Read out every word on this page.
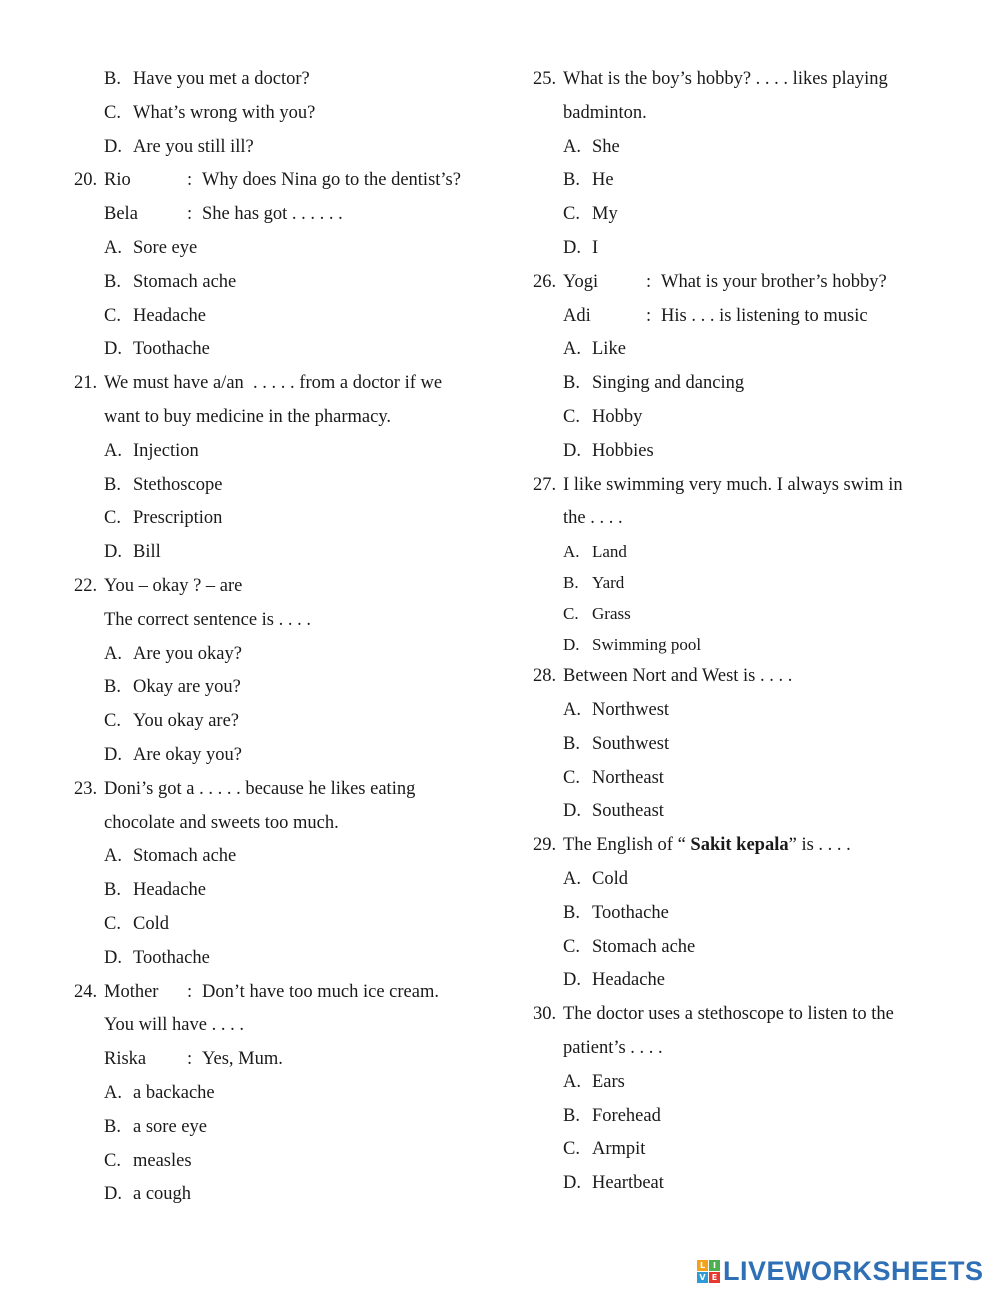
B. Have you met a doctor?
C. What’s wrong with you?
D. Are you still ill?
20. Rio	: Why does Nina go to the dentist’s?
Bela	: She has got . . . . . .
A. Sore eye
B. Stomach ache
C. Headache
D. Toothache
21. We must have a/an  . . . . . from a doctor if we
want to buy medicine in the pharmacy.
A. Injection
B. Stethoscope
C. Prescription
D. Bill
22. You – okay ? – are
The correct sentence is . . . .
A. Are you okay?
B. Okay are you?
C. You okay are?
D. Are okay you?
23. Doni’s got a . . . . . because he likes eating
chocolate and sweets too much.
A. Stomach ache
B. Headache
C. Cold
D. Toothache
24. Mother : Don’t have too much ice cream.
You will have . . . .
Riska : Yes, Mum.
A. a backache
B. a sore eye
C. measles
D. a cough
25. What is the boy’s hobby? . . . . likes playing
badminton.
A. She
B. He
C. My
D. I
26. Yogi	: What is your brother’s hobby?
Adi	: His . . . is listening to music
A. Like
B. Singing and dancing
C. Hobby
D. Hobbies
27. I like swimming very much. I always swim in
the . . . .
A. Land
B. Yard
C. Grass
D. Swimming pool
28. Between Nort and West is . . . .
A. Northwest
B. Southwest
C. Northeast
D. Southeast
29. The English of “ Sakit kepala” is . . . .
A. Cold
B. Toothache
C. Stomach ache
D. Headache
30. The doctor uses a stethoscope to listen to the
patient’s . . . .
A. Ears
B. Forehead
C. Armpit
D. Heartbeat
L I
V E LIVEWORKSHEETS
